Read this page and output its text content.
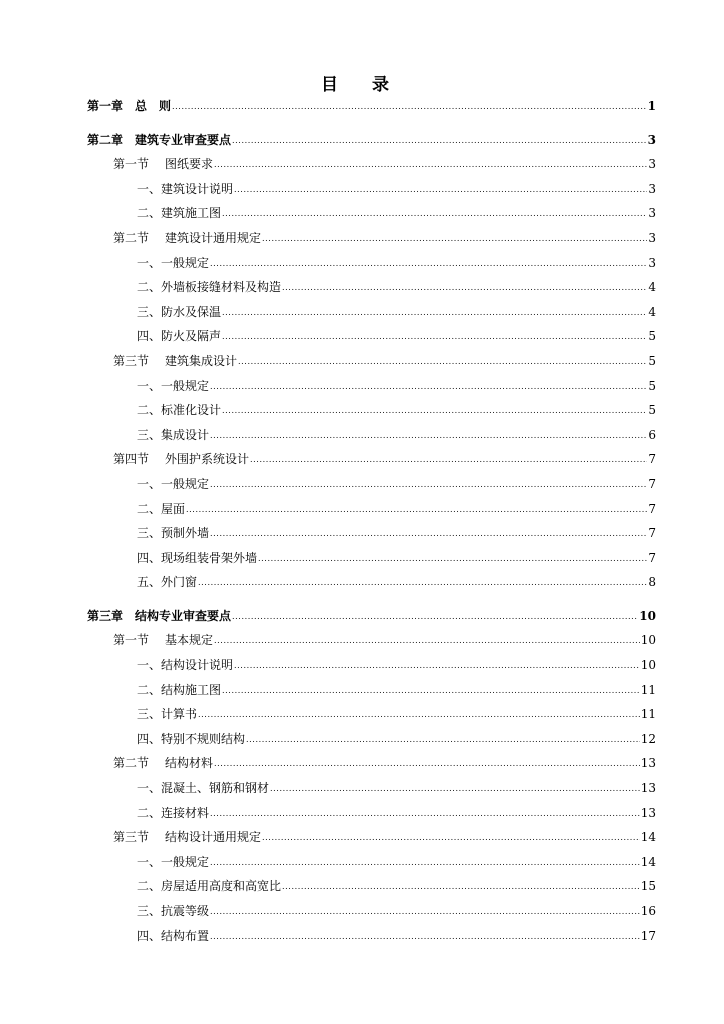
目 录
第一章 总　则 .....	1
第二章 建筑专业审查要点 .....	3
第一节	图纸要求 .....	3
一、建筑设计说明 .....	3
二、建筑施工图 .....	3
第二节	建筑设计通用规定 .....	3
一、一般规定 .....	3
二、外墙板接缝材料及构造 .....	4
三、防水及保温 .....	4
四、防火及隔声 .....	5
第三节	建筑集成设计 .....	5
一、一般规定 .....	5
二、标准化设计 .....	5
三、集成设计 .....	6
第四节	外围护系统设计 .....	7
一、一般规定 .....	7
二、屋面 .....	7
三、预制外墙 .....	7
四、现场组装骨架外墙 .....	7
五、外门窗 .....	8
第三章 结构专业审查要点 .....	10
第一节	基本规定 .....	10
一、结构设计说明 .....	10
二、结构施工图 .....	11
三、计算书 .....	11
四、特别不规则结构 .....	12
第二节	结构材料 .....	13
一、混凝土、钢筋和钢材 .....	13
二、连接材料 .....	13
第三节	结构设计通用规定 .....	14
一、一般规定 .....	14
二、房屋适用高度和高宽比 .....	15
三、抗震等级 .....	16
四、结构布置 .....	17
